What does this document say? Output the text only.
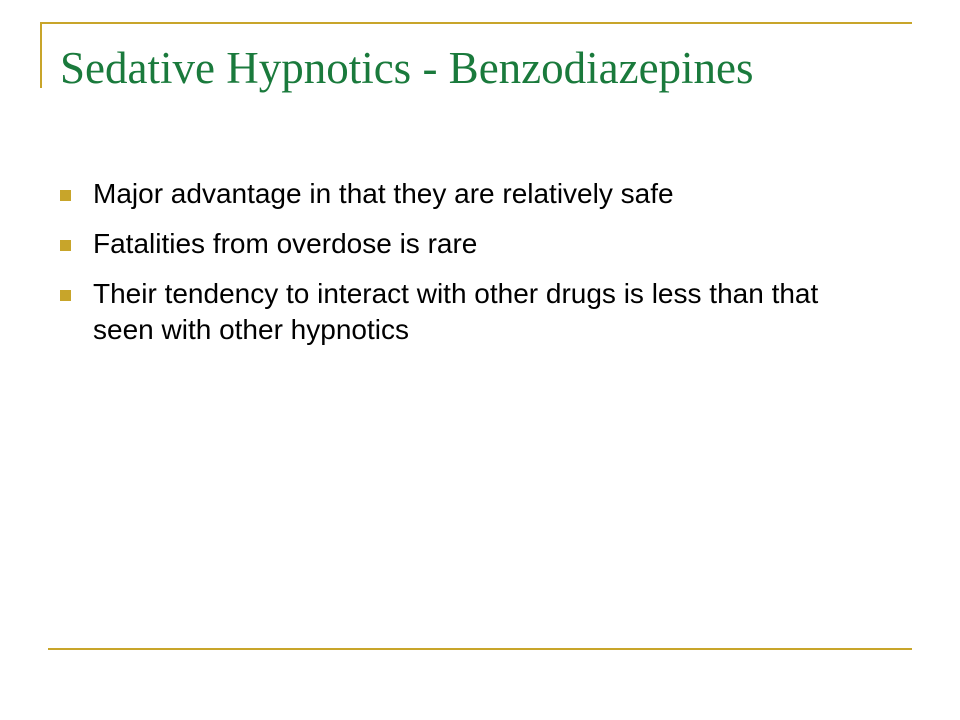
Sedative Hypnotics - Benzodiazepines
Major advantage in that they are relatively safe
Fatalities from overdose is rare
Their tendency to interact with other drugs is less than that seen with other hypnotics
